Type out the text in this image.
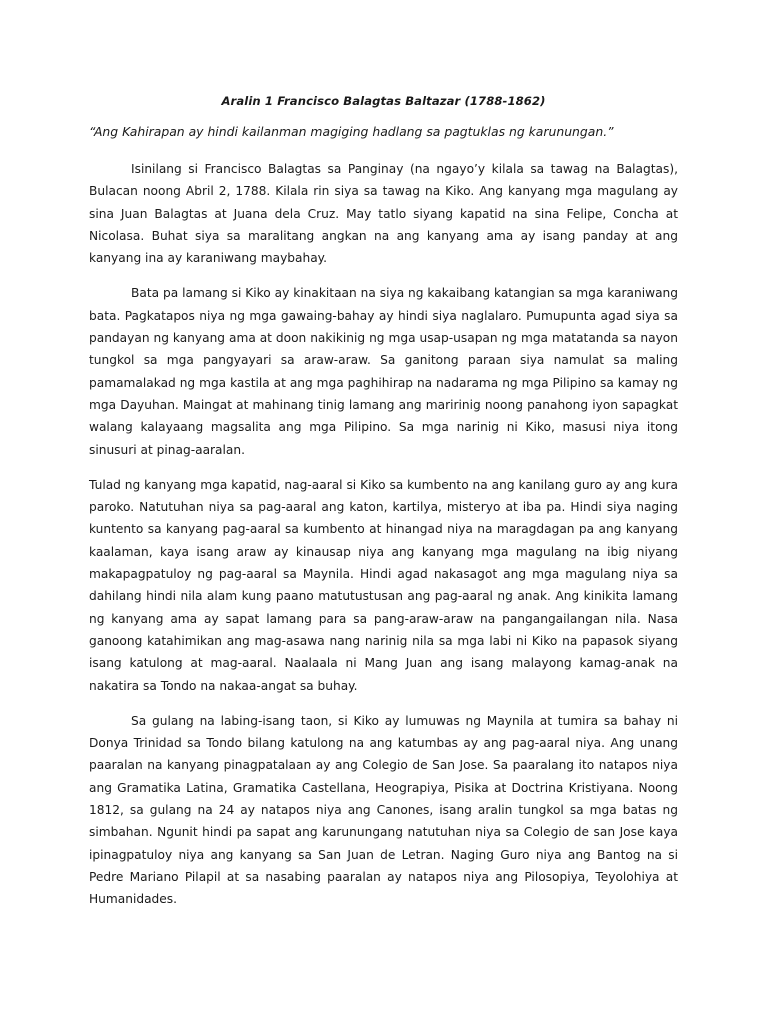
Aralin 1 Francisco Balagtas Baltazar (1788-1862)
“Ang Kahirapan ay hindi kailanman magiging hadlang sa pagtuklas ng karunungan.”

Isinilang si Francisco Balagtas sa Panginay (na ngayo’y kilala sa tawag na Balagtas), Bulacan noong Abril 2, 1788. Kilala rin siya sa tawag na Kiko. Ang kanyang mga magulang ay sina Juan Balagtas at Juana dela Cruz. May tatlo siyang kapatid na sina Felipe, Concha at Nicolasa. Buhat siya sa maralitang angkan na ang kanyang ama ay isang panday at ang kanyang ina ay karaniwang maybahay.

Bata pa lamang si Kiko ay kinakitaan na siya ng kakaibang katangian sa mga karaniwang bata. Pagkatapos niya ng mga gawaing-bahay ay hindi siya naglalaro. Pumupunta agad siya sa pandayan ng kanyang ama at doon nakikinig ng mga usap-usapan ng mga matatanda sa nayon tungkol sa mga pangyayari sa araw-araw. Sa ganitong paraan siya namulat sa maling pamamalakad ng mga kastila at ang mga paghihirap na nadarama ng mga Pilipino sa kamay ng mga Dayuhan. Maingat at mahinang tinig lamang ang maririnig noong panahong iyon sapagkat walang kalayaang magsalita ang mga Pilipino. Sa mga narinig ni Kiko, masusi niya itong sinusuri at pinag-aaralan.

Tulad ng kanyang mga kapatid, nag-aaral si Kiko sa kumbento na ang kanilang guro ay ang kura paroko. Natutuhan niya sa pag-aaral ang katon, kartilya, misteryo at iba pa. Hindi siya naging kuntento sa kanyang pag-aaral sa kumbento at hinangad niya na maragdagan pa ang kanyang kaalaman, kaya isang araw ay kinausap niya ang kanyang mga magulang na ibig niyang makapagpatuloy ng pag-aaral sa Maynila. Hindi agad nakasagot ang mga magulang niya sa dahilang hindi nila alam kung paano matutustusan ang pag-aaral ng anak. Ang kinikita lamang ng kanyang ama ay sapat lamang para sa pang-araw-araw na pangangailangan nila. Nasa ganoong katahimikan ang mag-asawa nang narinig nila sa mga labi ni Kiko na papasok siyang isang katulong at mag-aaral. Naalaala ni Mang Juan ang isang malayong kamag-anak na nakatira sa Tondo na nakaa-angat sa buhay.

Sa gulang na labing-isang taon, si Kiko ay lumuwas ng Maynila at tumira sa bahay ni Donya Trinidad sa Tondo bilang katulong na ang katumbas ay ang pag-aaral niya. Ang unang paaralan na kanyang pinagpatalaan ay ang Colegio de San Jose. Sa paaralang ito natapos niya ang Gramatika Latina, Gramatika Castellana, Heograpiya, Pisika at Doctrina Kristiyana. Noong 1812, sa gulang na 24 ay natapos niya ang Canones, isang aralin tungkol sa mga batas ng simbahan. Ngunit hindi pa sapat ang karunungang natutuhan niya sa Colegio de san Jose kaya ipinagpatuloy niya ang kanyang sa San Juan de Letran. Naging Guro niya ang Bantog na si Pedre Mariano Pilapil at sa nasabing paaralan ay natapos niya ang Pilosopiya, Teyolohiya at Humanidades.
